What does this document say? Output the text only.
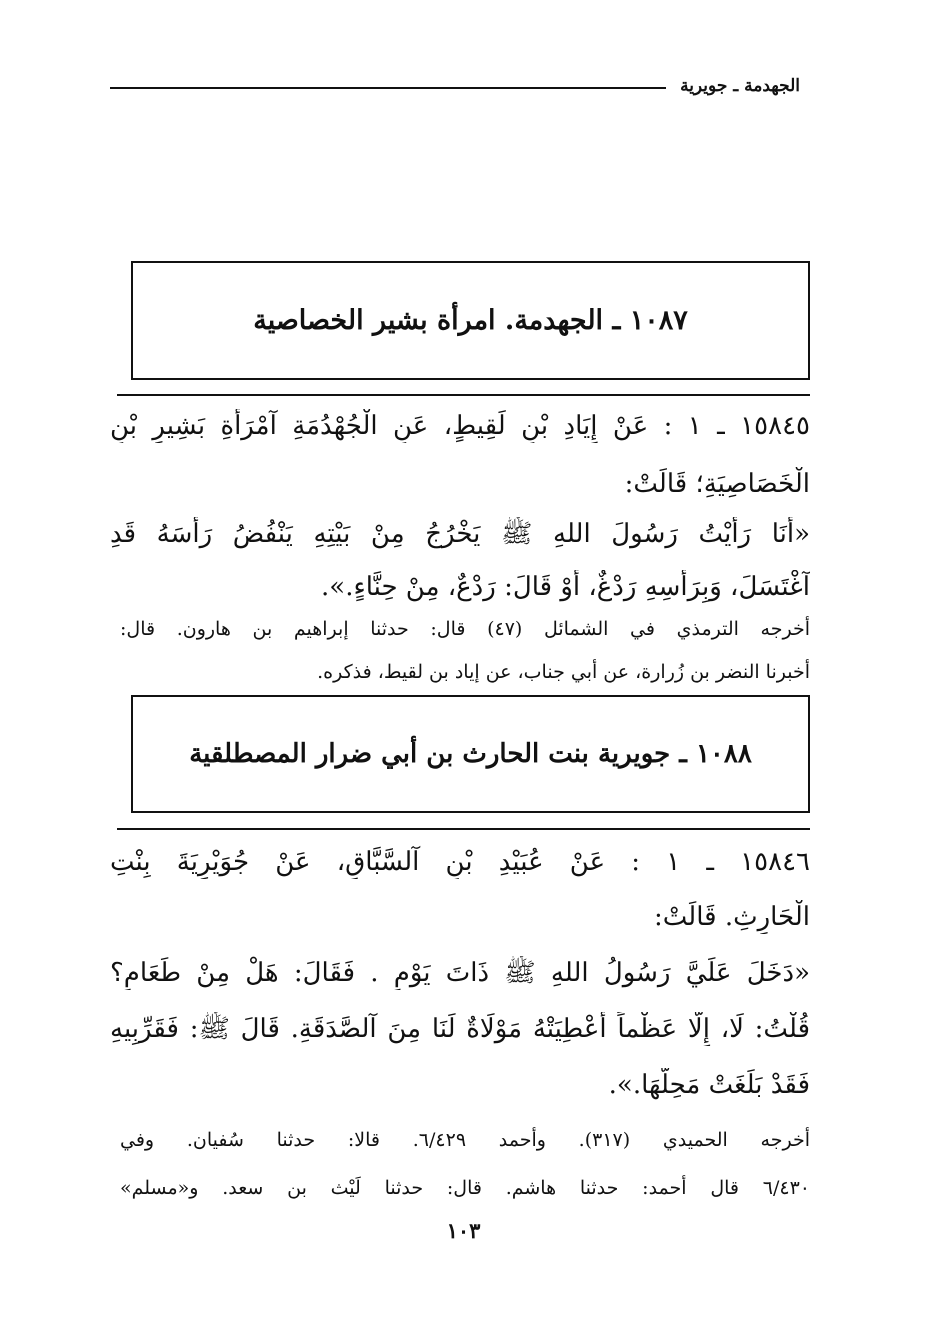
الجهدمة ـ جويرية
١٠٨٧ ـ الجهدمة. امرأة بشير الخصاصية
١٥٨٤٥ ـ ١ : عَنْ إِيَادِ بْنِ لَقِيطٍ، عَنِ الْجُهْدُمَةِ آمْرَأَةِ بَشِيرِ بْنِ
الْخَصَاصِيَةِ؛ قَالَتْ:
«أَنَا رَأَيْتُ رَسُولَ اللهِ ﷺ يَخْرُجُ مِنْ بَيْتِهِ يَنْفُضُ رَأْسَهُ قَدِ
آغْتَسَلَ، وَبِرَأْسِهِ رَدْغٌ، أَوْ قَالَ: رَدْعٌ، مِنْ حِنَّاءٍ.».
أخرجه الترمذي في الشمائل (٤٧) قال: حدثنا إبراهيم بن هارون. قال:
أخبرنا النضر بن زُرارة، عن أبي جناب، عن إياد بن لقيط، فذكره.
١٠٨٨ ـ جويرية بنت الحارث بن أبي ضرار المصطلقية
١٥٨٤٦ ـ ١ : عَنْ عُبَيْدِ بْنِ آلسَّبَّاقِ، عَنْ جُوَيْرِيَةَ بِنْتِ
الْحَارِثِ. قَالَتْ:
«دَخَلَ عَلَيَّ رَسُولُ اللهِ ﷺ ذَاتَ يَوْمٍ . فَقَالَ: هَلْ مِنْ طَعَامٍ؟
قُلْتُ: لَا، إِلَّا عَظْماً أُعْطِيَتْهُ مَوْلَاةٌ لَنَا مِنَ آلصَّدَقَةِ. قَالَ ﷺ: فَقَرِّبِيهِ
فَقَدْ بَلَغَتْ مَحِلَّهَا.».
أخرجه الحميدي (٣١٧). وأحمد ٦/٤٢٩. قالا: حدثنا سُفيان. وفي
٦/٤٣٠ قال أحمد: حدثنا هاشم. قال: حدثنا لَيْث بن سعد. و«مسلم»
١٠٣
